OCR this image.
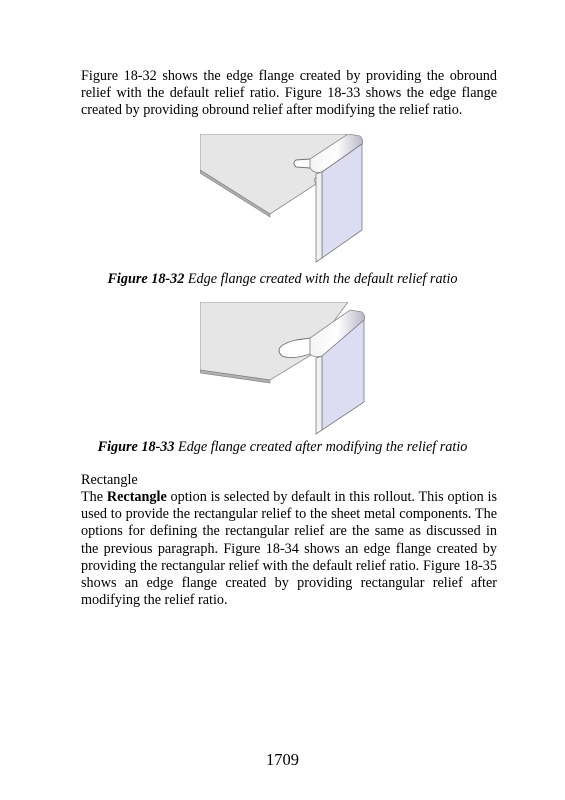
Figure 18-32 shows the edge flange created by providing the obround relief with the default relief ratio. Figure 18-33 shows the edge flange created by providing obround relief after modifying the relief ratio.

Figure 18-32 Edge flange created with the default relief ratio

Figure 18-33 Edge flange created after modifying the relief ratio

Rectangle

The Rectangle option is selected by default in this rollout. This option is used to provide the rectangular relief to the sheet metal components. The options for defining the rectangular relief are the same as discussed in the previous paragraph. Figure 18-34 shows an edge flange created by providing the rectangular relief with the default relief ratio. Figure 18-35 shows an edge flange created by providing rectangular relief after modifying the relief ratio.

1709
